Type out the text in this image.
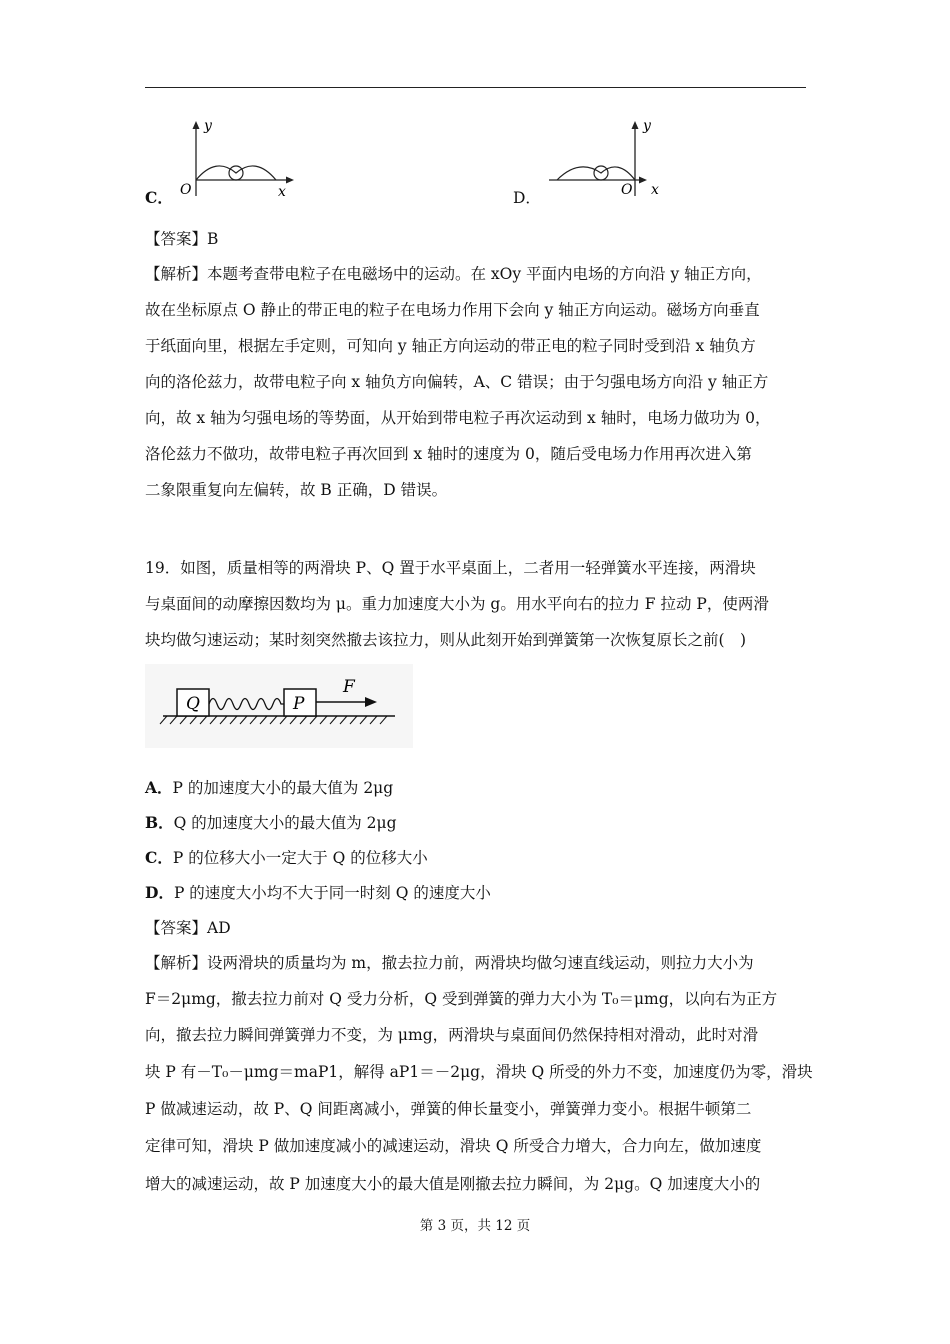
C．
y
x
O	D．
y
x
O
【答案】B
【解析】本题考查带电粒子在电磁场中的运动。在 xOy 平面内电场的方向沿 y 轴正方向，
故在坐标原点 O 静止的带正电的粒子在电场力作用下会向 y 轴正方向运动。磁场方向垂直
于纸面向里，根据左手定则，可知向 y 轴正方向运动的带正电的粒子同时受到沿 x 轴负方
向的洛伦兹力，故带电粒子向 x 轴负方向偏转，A、C 错误；由于匀强电场方向沿 y 轴正方
向，故 x 轴为匀强电场的等势面，从开始到带电粒子再次运动到 x 轴时，电场力做功为 0，
洛伦兹力不做功，故带电粒子再次回到 x 轴时的速度为 0，随后受电场力作用再次进入第
二象限重复向左偏转，故 B 正确，D 错误。
19．如图，质量相等的两滑块 P、Q 置于水平桌面上，二者用一轻弹簧水平连接，两滑块
与桌面间的动摩擦因数均为 μ。重力加速度大小为 g。用水平向右的拉力 F 拉动 P，使两滑
块均做匀速运动；某时刻突然撤去该拉力，则从此刻开始到弹簧第一次恢复原长之前(　)
Q	P
F
A．P 的加速度大小的最大值为 2μg
B．Q 的加速度大小的最大值为 2μg
C．P 的位移大小一定大于 Q 的位移大小
D．P 的速度大小均不大于同一时刻 Q 的速度大小
【答案】AD
【解析】设两滑块的质量均为 m，撤去拉力前，两滑块均做匀速直线运动，则拉力大小为
F＝2μmg，撤去拉力前对 Q 受力分析，Q 受到弹簧的弹力大小为 T₀＝μmg，以向右为正方
向，撤去拉力瞬间弹簧弹力不变，为 μmg，两滑块与桌面间仍然保持相对滑动，此时对滑
块 P 有－T₀－μmg＝maP1，解得 aP1＝－2μg，滑块 Q 所受的外力不变，加速度仍为零，滑块
P 做减速运动，故 P、Q 间距离减小，弹簧的伸长量变小，弹簧弹力变小。根据牛顿第二
定律可知，滑块 P 做加速度减小的减速运动，滑块 Q 所受合力增大，合力向左，做加速度
增大的减速运动，故 P 加速度大小的最大值是刚撤去拉力瞬间，为 2μg。Q 加速度大小的
第 3 页，共 12 页
